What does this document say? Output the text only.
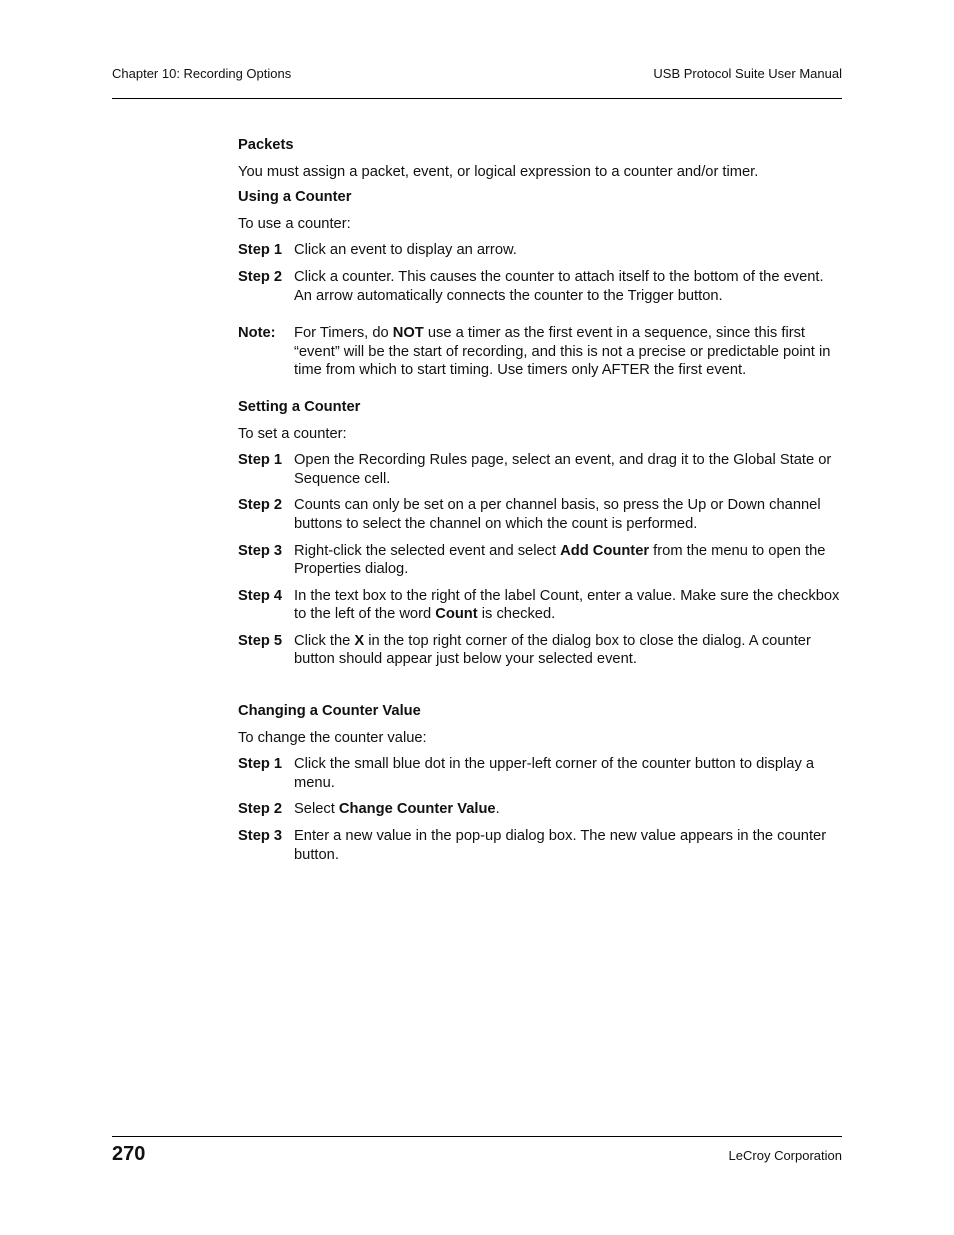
Chapter 10: Recording Options	USB Protocol Suite User Manual

Packets

You must assign a packet, event, or logical expression to a counter and/or timer.

Using a Counter

To use a counter:

Step 1 Click an event to display an arrow.
Step 2 Click a counter. This causes the counter to attach itself to the bottom of the event. An arrow automatically connects the counter to the Trigger button.
Note:	For Timers, do NOT use a timer as the first event in a sequence, since this first “event” will be the start of recording, and this is not a precise or predictable point in time from which to start timing. Use timers only AFTER the first event.

Setting a Counter

To set a counter:

Step 1 Open the Recording Rules page, select an event, and drag it to the Global State or Sequence cell.
Step 2 Counts can only be set on a per channel basis, so press the Up or Down channel buttons to select the channel on which the count is performed.
Step 3 Right-click the selected event and select Add Counter from the menu to open the Properties dialog.
Step 4 In the text box to the right of the label Count, enter a value. Make sure the checkbox to the left of the word Count is checked.
Step 5 Click the X in the top right corner of the dialog box to close the dialog. A counter button should appear just below your selected event.

Changing a Counter Value

To change the counter value:

Step 1 Click the small blue dot in the upper-left corner of the counter button to display a menu.
Step 2 Select Change Counter Value.
Step 3 Enter a new value in the pop-up dialog box. The new value appears in the counter button.
270	LeCroy Corporation
